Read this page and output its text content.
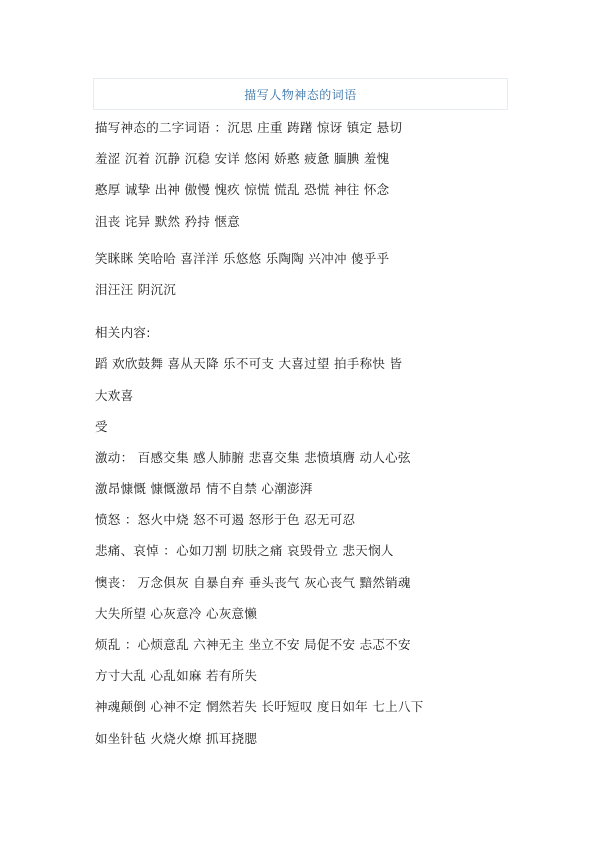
描写人物神态的词语
描写神态的二字词语 ：沉思 庄重 踌躇 惊讶 镇定 悬切
羞涩 沉着 沉静 沉稳 安详 悠闲 娇憨 疲惫 腼腆 羞愧
憨厚 诚挚 出神 傲慢 愧疚 惊慌 慌乱 恐慌 神往 怀念
沮丧 诧异 默然 矜持 惬意
笑眯眯 笑哈哈 喜洋洋 乐悠悠 乐陶陶 兴冲冲 傻乎乎
泪汪汪 阴沉沉
相关内容:
蹈 欢欣鼓舞 喜从天降 乐不可支 大喜过望 拍手称快 皆
大欢喜
受
激动： 百感交集 感人肺腑 悲喜交集 悲愤填膺 动人心弦
激昂慷慨 慷慨激昂 情不自禁 心潮澎湃
愤怒 ：怒火中烧 怒不可遏 怒形于色 忍无可忍
悲痛、哀悼 ：心如刀割 切肤之痛 哀毁骨立 悲天悯人
懊丧： 万念俱灰 自暴自弃 垂头丧气 灰心丧气 黯然销魂
大失所望 心灰意冷 心灰意懒
烦乱 ：心烦意乱 六神无主 坐立不安 局促不安 忐忑不安
方寸大乱 心乱如麻 若有所失
神魂颠倒 心神不定 惘然若失 长吁短叹 度日如年 七上八下
如坐针毡 火烧火燎 抓耳挠腮
